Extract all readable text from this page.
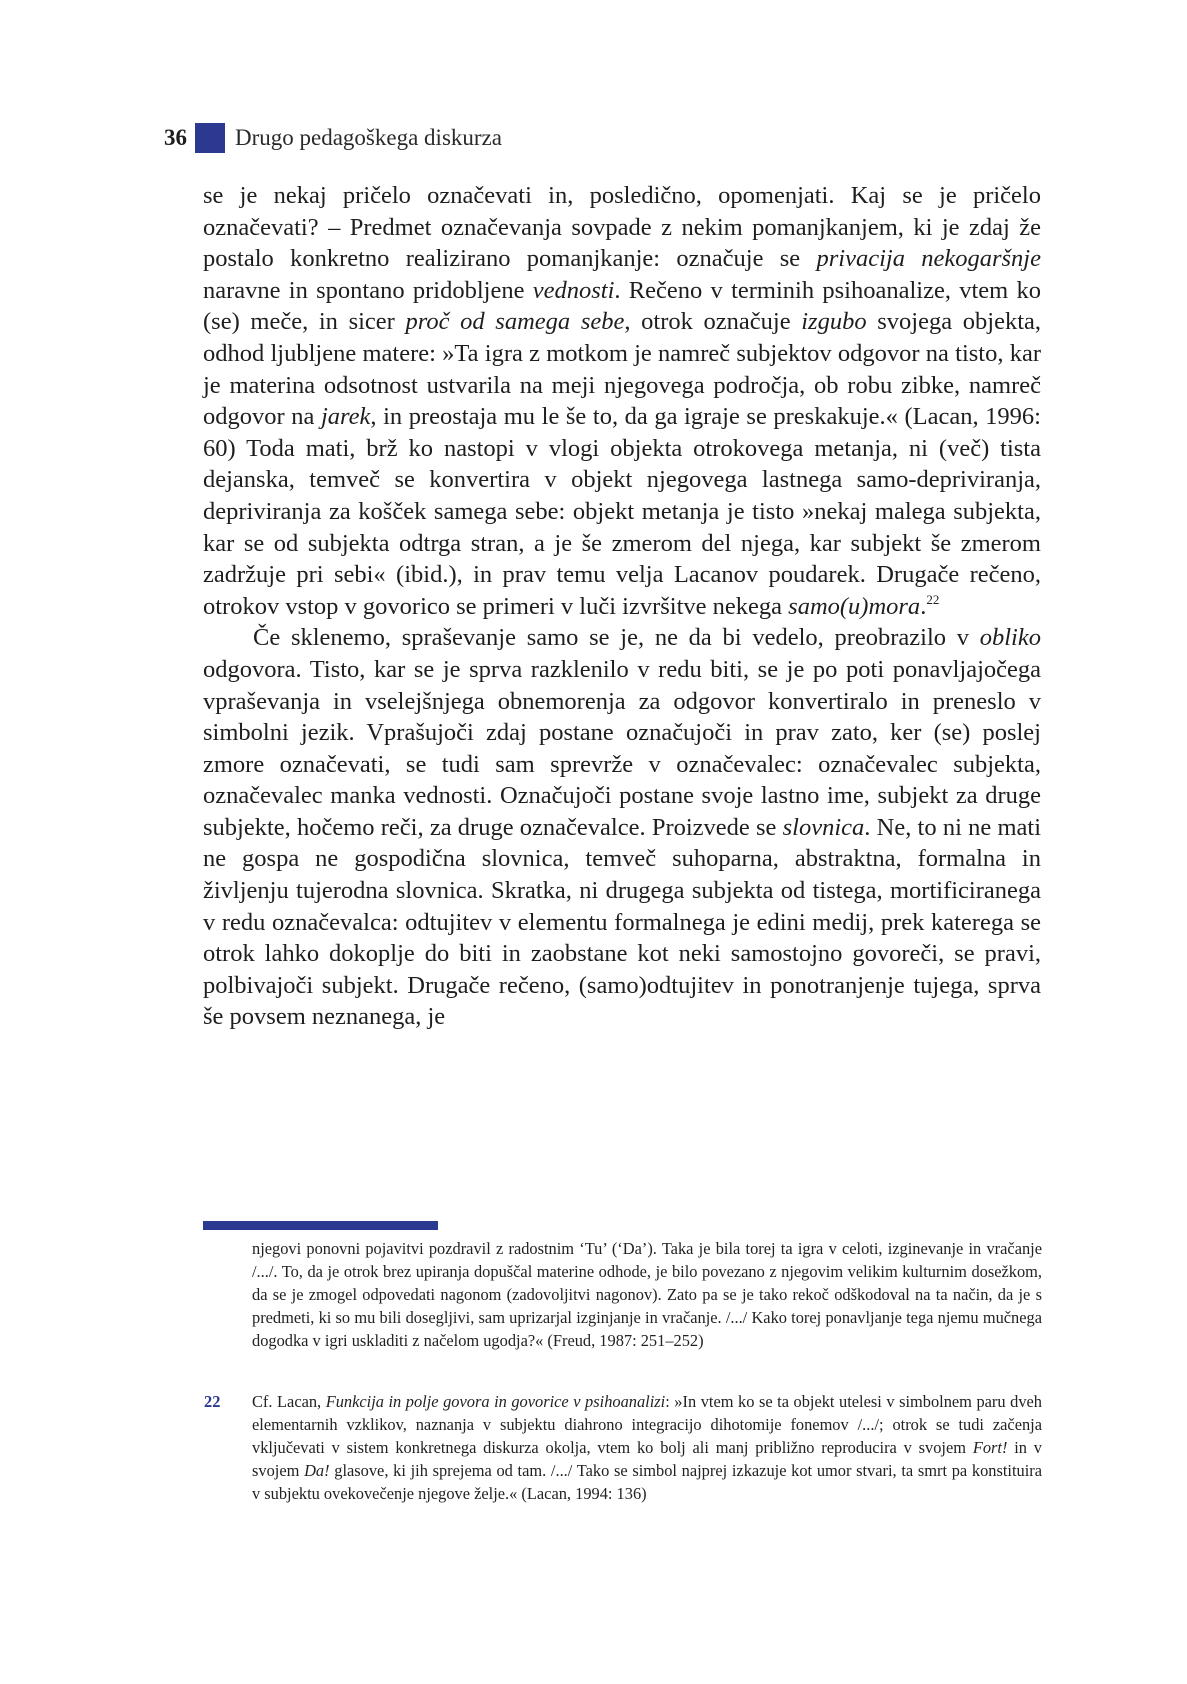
36 Drugo pedagoškega diskurza

se je nekaj pričelo označevati in, posledično, opomenjati. Kaj se je pričelo označevati? – Predmet označevanja sovpade z nekim pomanjkanjem, ki je zdaj že postalo konkretno realizirano pomanjkanje: označuje se privacija nekogaršnje naravne in spontano pridobljene vednosti. Rečeno v terminih psihoanalize, vtem ko (se) meče, in sicer proč od samega sebe, otrok označuje izgubo svojega objekta, odhod ljubljene matere: »Ta igra z motkom je namreč subjektov odgovor na tisto, kar je materina odsotnost ustvarila na meji njegovega področja, ob robu zibke, namreč odgovor na jarek, in preostaja mu le še to, da ga igraje se preskakuje.« (Lacan, 1996: 60) Toda mati, brž ko nastopi v vlogi objekta otrokovega metanja, ni (več) tista dejanska, temveč se konvertira v objekt njegovega lastnega samo-depriviranja, depriviranja za košček samega sebe: objekt metanja je tisto »nekaj malega subjekta, kar se od subjekta odtrga stran, a je še zmerom del njega, kar subjekt še zmerom zadržuje pri sebi« (ibid.), in prav temu velja Lacanov poudarek. Drugače rečeno, otrokov vstop v govorico se primeri v luči izvršitve nekega samo(u)mora.$^{22}$

Če sklenemo, spraševanje samo se je, ne da bi vedelo, preobrazilo v obliko odgovora. Tisto, kar se je sprva razklenilo v redu biti, se je po poti ponavljajočega vpraševanja in vselejšnjega obnemorenja za odgovor konvertiralo in preneslo v simbolni jezik. Vprašujoči zdaj postane označujoči in prav zato, ker (se) poslej zmore označevati, se tudi sam sprevrže v označevalec: označevalec subjekta, označevalec manka vednosti. Označujoči postane svoje lastno ime, subjekt za druge subjekte, hočemo reči, za druge označevalce. Proizvede se slovnica. Ne, to ni ne mati ne gospa ne gospodična slovnica, temveč suhoparna, abstraktna, formalna in življenju tujerodna slovnica. Skratka, ni drugega subjekta od tistega, mortificiranega v redu označevalca: odtujitev v elementu formalnega je edini medij, prek katerega se otrok lahko dokoplje do biti in zaobstane kot neki samostojno govoreči, se pravi, polbivajoči subjekt. Drugače rečeno, (samo)odtujitev in ponotranjenje tujega, sprva še povsem neznanega, je

njegovi ponovni pojavitvi pozdravil z radostnim ‘Tu’ (‘Da’). Taka je bila torej ta igra v celoti, izginevanje in vračanje /.../. To, da je otrok brez upiranja dopuščal materine odhode, je bilo povezano z njegovim velikim kulturnim dosežkom, da se je zmogel odpovedati nagonom (zadovoljitvi nagonov). Zato pa se je tako rekoč odškodoval na ta način, da je s predmeti, ki so mu bili dosegljivi, sam uprizarjal izginjanje in vračanje. /.../ Kako torej ponavljanje tega njemu mučnega dogodka v igri uskladiti z načelom ugodja?« (Freud, 1987: 251–252)

22 Cf. Lacan, Funkcija in polje govora in govorice v psihoanalizi: »In vtem ko se ta objekt utelesi v simbolnem paru dveh elementarnih vzklikov, naznanja v subjektu diahrono integracijo dihotomije fonemov /.../; otrok se tudi začenja vključevati v sistem konkretnega diskurza okolja, vtem ko bolj ali manj približno reproducira v svojem Fort! in v svojem Da! glasove, ki jih sprejema od tam. /.../ Tako se simbol najprej izkazuje kot umor stvari, ta smrt pa konstituira v subjektu ovekovečenje njegove želje.« (Lacan, 1994: 136)
